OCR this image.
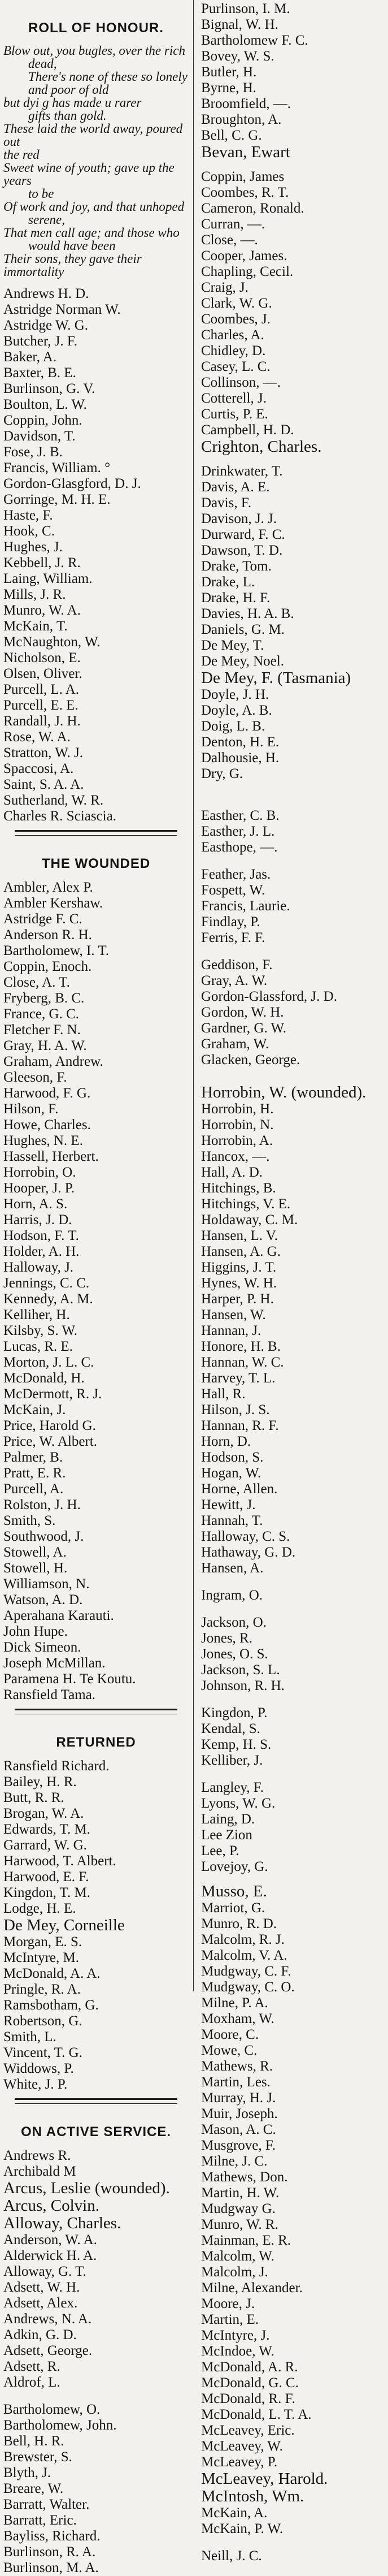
ROLL OF HONOUR.
Blow out, you bugles, over the rich
dead,
There's none of these so lonely
and poor of old
but dyi g has made u rarer
gifts than gold.
These laid the world away, poured out
the red
Sweet wine of youth; gave up the years
to be
Of work and joy, and that unhoped
serene,
That men call age; and those who
would have been
Their sons, they gave their immortality
Andrews H. D.
Astridge Norman W.
Astridge W. G.
Butcher, J. F.
Baker, A.
Baxter, B. E.
Burlinson, G. V.
Boulton, L. W.
Coppin, John.
Davidson, T.
Fose, J. B.
Francis, William. °
Gordon-Glasgford, D. J.
Gorringe, M. H. E.
Haste, F.
Hook, C.
Hughes, J.
Kebbell, J. R.
Laing, William.
Mills, J. R.
Munro, W. A.
McKain, T.
McNaughton, W.
Nicholson, E.
Olsen, Oliver.
Purcell, L. A.
Purcell, E. E.
Randall, J. H.
Rose, W. A.
Stratton, W. J.
Spaccosi, A.
Saint, S. A. A.
Sutherland, W. R.
Charles R. Sciascia.
THE WOUNDED
Ambler, Alex P.
Ambler Kershaw.
Astridge F. C.
Anderson R. H.
Bartholomew, I. T.
Coppin, Enoch.
Close, A. T.
Fryberg, B. C.
France, G. C.
Fletcher F. N.
Gray, H. A. W.
Graham, Andrew.
Gleeson, F.
Harwood, F. G.
Hilson, F.
Howe, Charles.
Hughes, N. E.
Hassell, Herbert.
Horrobin, O.
Hooper, J. P.
Horn, A. S.
Harris, J. D.
Hodson, F. T.
Holder, A. H.
Halloway, J.
Jennings, C. C.
Kennedy, A. M.
Kelliher, H.
Kilsby, S. W.
Lucas, R. E.
Morton, J. L. C.
McDonald, H.
McDermott, R. J.
McKain, J.
Price, Harold G.
Price, W. Albert.
Palmer, B.
Pratt, E. R.
Purcell, A.
Rolston, J. H.
Smith, S.
Southwood, J.
Stowell, A.
Stowell, H.
Williamson, N.
Watson, A. D.
Aperahana Karauti.
John Hupe.
Dick Simeon.
Joseph McMillan.
Paramena H. Te Koutu.
Ransfield Tama.
RETURNED
Ransfield Richard.
Bailey, H. R.
Butt, R. R.
Brogan, W. A.
Edwards, T. M.
Garrard, W. G.
Harwood, T. Albert.
Harwood, E. F.
Kingdon, T. M.
Lodge, H. E.
De Mey, Corneille
Morgan, E. S.
McIntyre, M.
McDonald, A. A.
Pringle, R. A.
Ramsbotham, G.
Robertson, G.
Smith, L.
Vincent, T. G.
Widdows, P.
White, J. P.
ON ACTIVE SERVICE.
Andrews R.
Archibald M
Arcus, Leslie (wounded).
Arcus, Colvin.
Alloway, Charles.
Anderson, W. A.
Alderwick H. A.
Alloway, G. T.
Adsett, W. H.
Adsett, Alex.
Andrews, N. A.
Adkin, G. D.
Adsett, George.
Adsett, R.
Aldrof, L.
Bartholomew, O.
Bartholomew, John.
Bell, H. R.
Brewster, S.
Blyth, J.
Breare, W.
Barratt, Walter.
Barratt, Eric.
Bayliss, Richard.
Burlinson, R. A.
Burlinson, M. A.
Purlinson, I. M.
Bignal, W. H.
Bartholomew F. C.
Bovey, W. S.
Butler, H.
Byrne, H.
Broomfield, —.
Broughton, A.
Bell, C. G.
Bevan, Ewart
Coppin, James
Coombes, R. T.
Cameron, Ronald.
Curran, —.
Close, —.
Cooper, James.
Chapling, Cecil.
Craig, J.
Clark, W. G.
Coombes, J.
Charles, A.
Chidley, D.
Casey, L. C.
Collinson, —.
Cotterell, J.
Curtis, P. E.
Campbell, H. D.
Crighton, Charles.
Drinkwater, T.
Davis, A. E.
Davis, F.
Davison, J. J.
Durward, F. C.
Dawson, T. D.
Drake, Tom.
Drake, L.
Drake, H. F.
Davies, H. A. B.
Daniels, G. M.
De Mey, T.
De Mey, Noel.
De Mey, F. (Tasmania)
Doyle, J. H.
Doyle, A. B.
Doig, L. B.
Denton, H. E.
Dalhousie, H.
Dry, G.
Easther, C. B.
Easther, J. L.
Easthope, —.
Feather, Jas.
Fospett, W.
Francis, Laurie.
Findlay, P.
Ferris, F. F.
Geddison, F.
Gray, A. W.
Gordon-Glassford, J. D.
Gordon, W. H.
Gardner, G. W.
Graham, W.
Glacken, George.
Horrobin, W. (wounded).
Horrobin, H.
Horrobin, N.
Horrobin, A.
Hancox, —.
Hall, A. D.
Hitchings, B.
Hitchings, V. E.
Holdaway, C. M.
Hansen, L. V.
Hansen, A. G.
Higgins, J. T.
Hynes, W. H.
Harper, P. H.
Hansen, W.
Hannan, J.
Honore, H. B.
Hannan, W. C.
Harvey, T. L.
Hall, R.
Hilson, J. S.
Hannan, R. F.
Horn, D.
Hodson, S.
Hogan, W.
Horne, Allen.
Hewitt, J.
Hannah, T.
Halloway, C. S.
Hathaway, G. D.
Hansen, A.
Ingram, O.
Jackson, O.
Jones, R.
Jones, O. S.
Jackson, S. L.
Johnson, R. H.
Kingdon, P.
Kendal, S.
Kemp, H. S.
Kelliber, J.
Langley, F.
Lyons, W. G.
Laing, D.
Lee Zion
Lee, P.
Lovejoy, G.
Musso, E.
Marriot, G.
Munro, R. D.
Malcolm, R. J.
Malcolm, V. A.
Mudgway, C. F.
Mudgway, C. O.
Milne, P. A.
Moxham, W.
Moore, C.
Mowe, C.
Mathews, R.
Martin, Les.
Murray, H. J.
Muir, Joseph.
Mason, A. C.
Musgrove, F.
Milne, J. C.
Mathews, Don.
Martin, H. W.
Mudgway G.
Munro, W. R.
Mainman, E. R.
Malcolm, W.
Malcolm, J.
Milne, Alexander.
Moore, J.
Martin, E.
McIntyre, J.
McIndoe, W.
McDonald, A. R.
McDonald, G. C.
McDonald, R. F.
McDonald, L. T. A.
McLeavey, Eric.
McLeavey, W.
McLeavey, P.
McLeavey, Harold.
McIntosh, Wm.
McKain, A.
McKain, P. W.
Neill, J. C.
